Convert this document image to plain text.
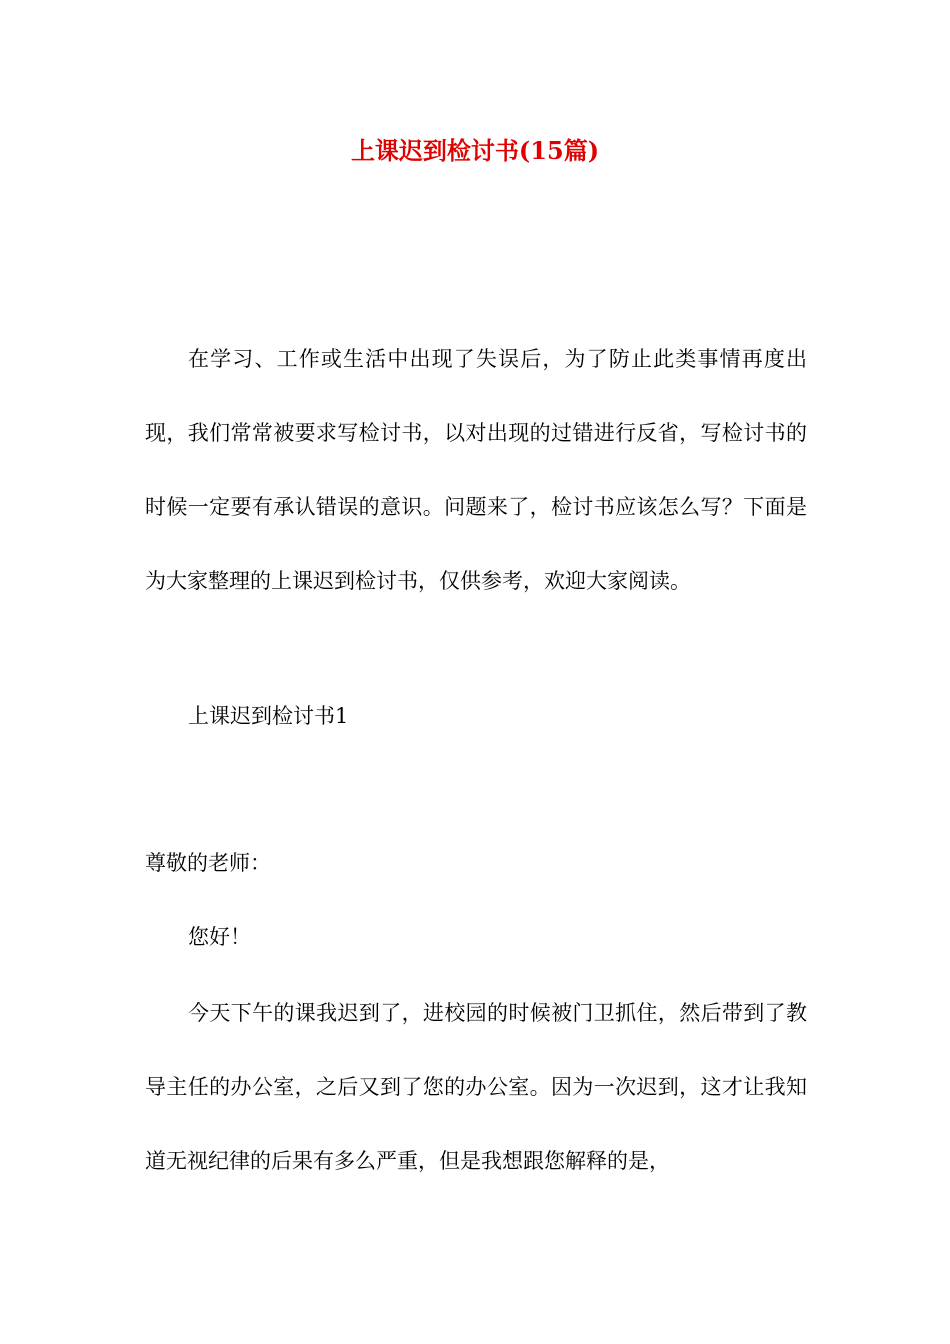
上课迟到检讨书(15篇)

在学习、工作或生活中出现了失误后，为了防止此类事情再度出现，我们常常被要求写检讨书，以对出现的过错进行反省，写检讨书的时候一定要有承认错误的意识。问题来了，检讨书应该怎么写？下面是为大家整理的上课迟到检讨书，仅供参考，欢迎大家阅读。

上课迟到检讨书1

尊敬的老师：

您好！

今天下午的课我迟到了，进校园的时候被门卫抓住，然后带到了教导主任的办公室，之后又到了您的办公室。因为一次迟到，这才让我知道无视纪律的后果有多么严重，但是我想跟您解释的是，
